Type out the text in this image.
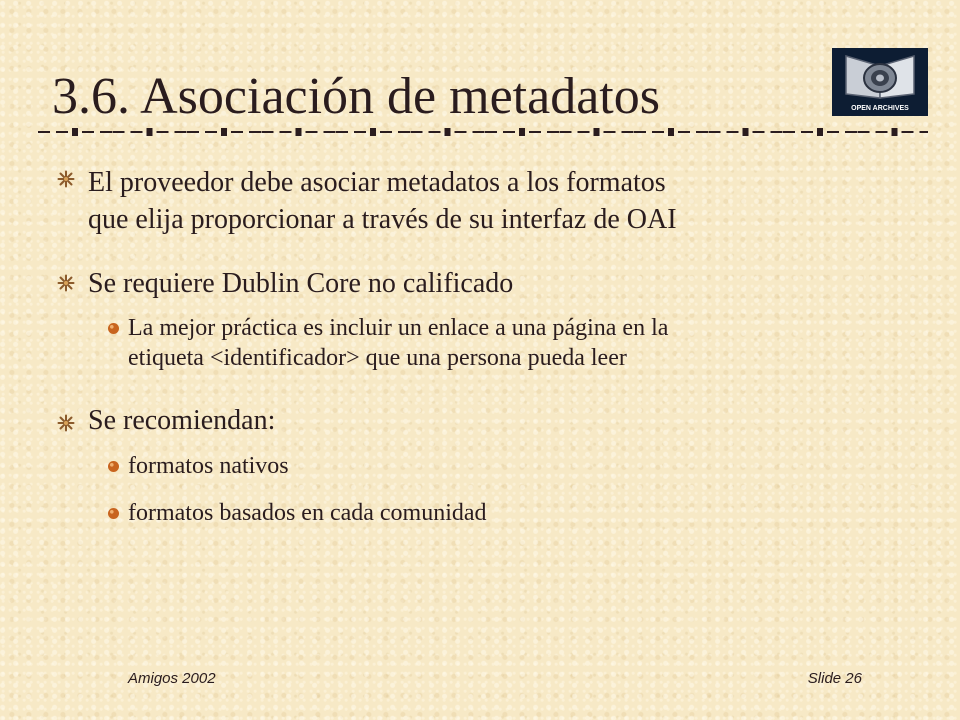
3.6. Asociación de metadatos	OPEN ARCHIVES
El proveedor debe asociar metadatos a los formatos
que elija proporcionar a través de su interfaz de OAI
Se requiere Dublin Core no calificado
La mejor práctica es incluir un enlace a una página en la
etiqueta <identificador> que una persona pueda leer
Se recomiendan:
formatos nativos
formatos basados en cada comunidad
Amigos 2002	Slide 26
